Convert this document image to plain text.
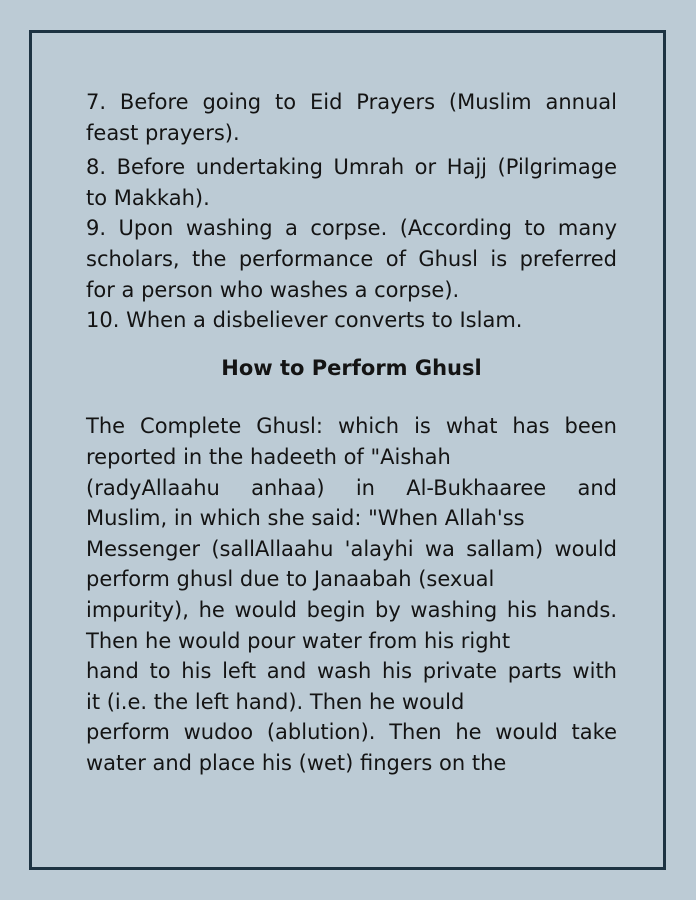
7. Before going to Eid Prayers (Muslim annual
feast prayers).
8. Before undertaking Umrah or Hajj (Pilgrimage
to Makkah).
9. Upon washing a corpse. (According to many
scholars, the performance of Ghusl is preferred
for a person who washes a corpse).
10. When a disbeliever converts to Islam.
How to Perform Ghusl
The Complete Ghusl: which is what has been
reported in the hadeeth of "Aishah
(radyAllaahu anhaa) in Al-Bukhaaree and
Muslim, in which she said: "When Allah'ss
Messenger (sallAllaahu 'alayhi wa sallam) would
perform ghusl due to Janaabah (sexual
impurity), he would begin by washing his hands.
Then he would pour water from his right
hand to his left and wash his private parts with
it (i.e. the left hand). Then he would
perform wudoo (ablution). Then he would take
water and place his (wet) fingers on the
